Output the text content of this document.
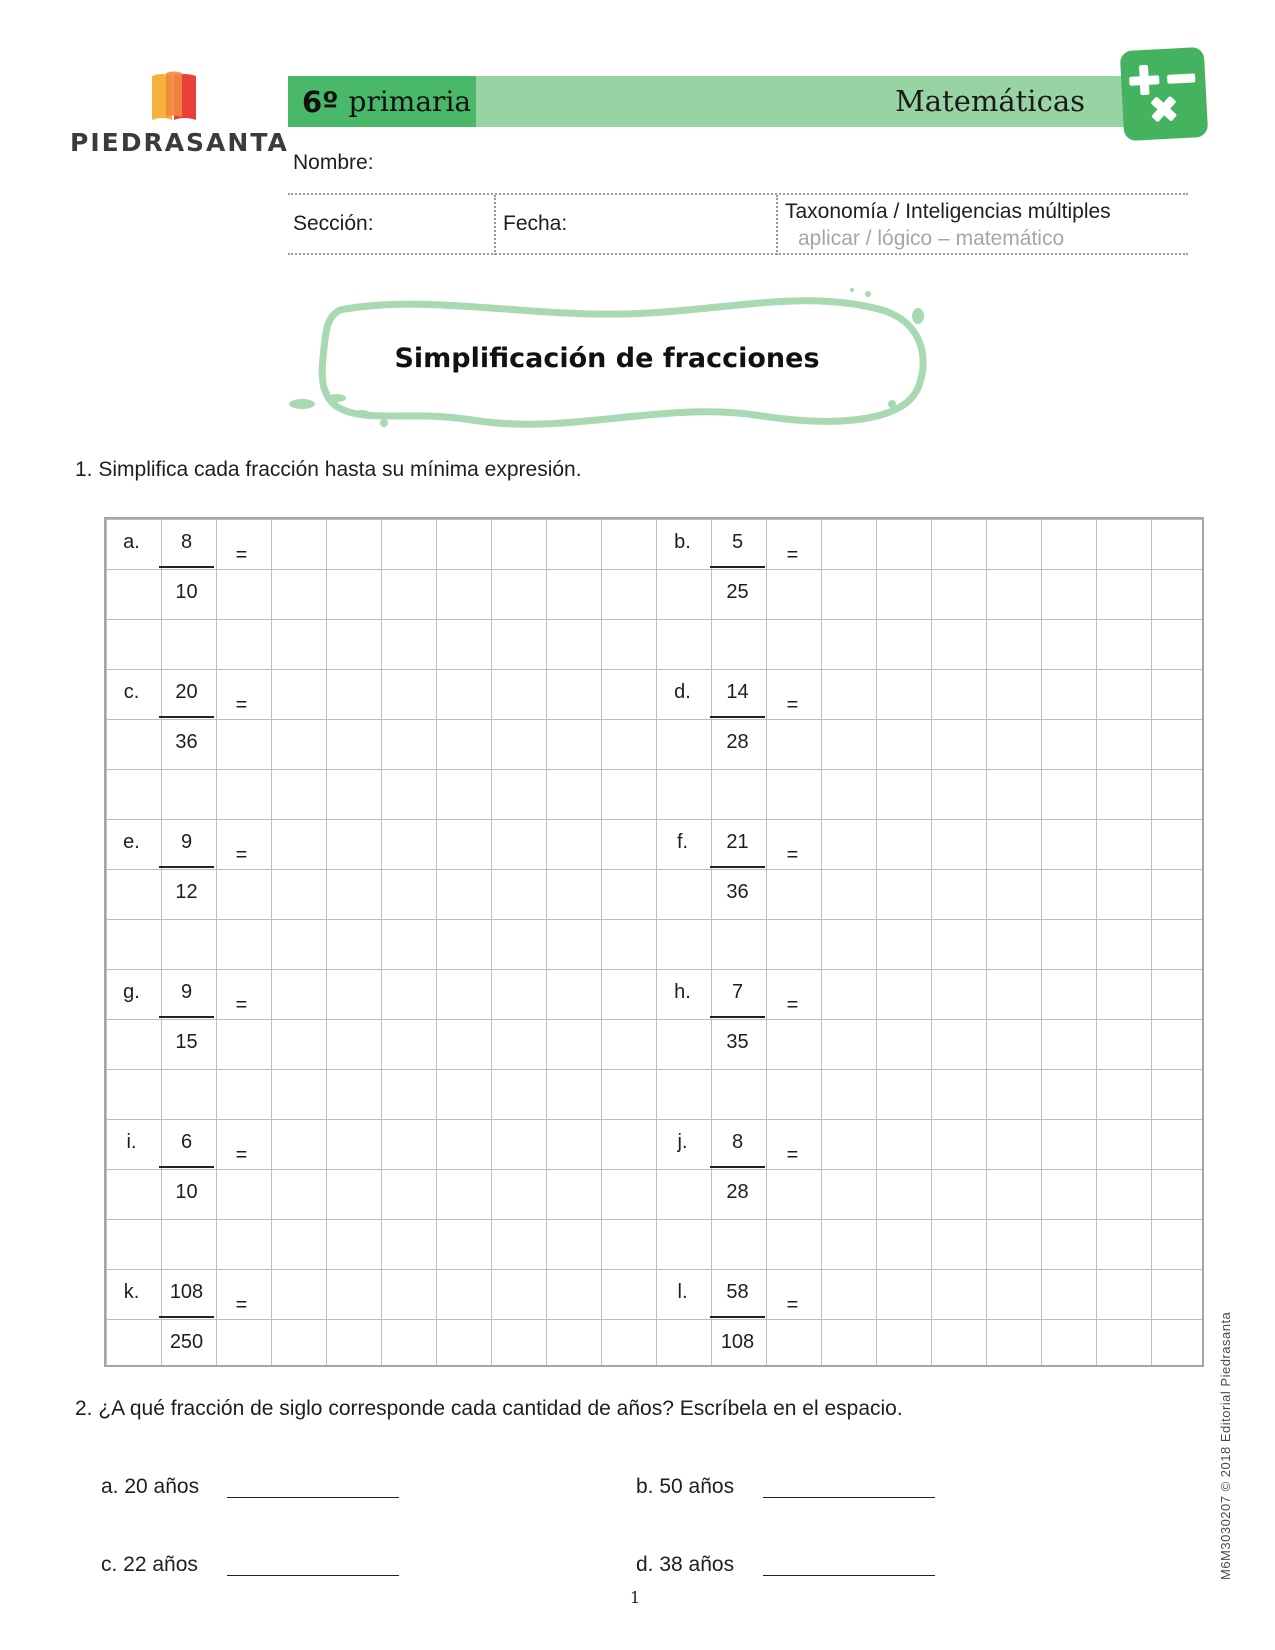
PIEDRASANTA
6º primaria	Matemáticas
Nombre:
Sección:	Fecha:
Taxonomía / Inteligencias múltiples
aplicar / lógico – matemático
Simplificación de fracciones
1. Simplifica cada fracción hasta su mínima expresión.
a.	8
10
=
b.	5
25
=
c.	20
36
=
d.	14
28
=
e.	9
12
=
f.	21
36
=
g.	9
15
=
h.	7
35
=
i.	6
10
=
j.	8
28
=
k.	108
250
=
l.	58
108
=
2. ¿A qué fracción de siglo corresponde cada cantidad de años? Escríbela en el espacio.
a. 20 años	b. 50 años
c. 22 años	d. 38 años	M6M3030207 © 2018 Editorial Piedrasanta
1
